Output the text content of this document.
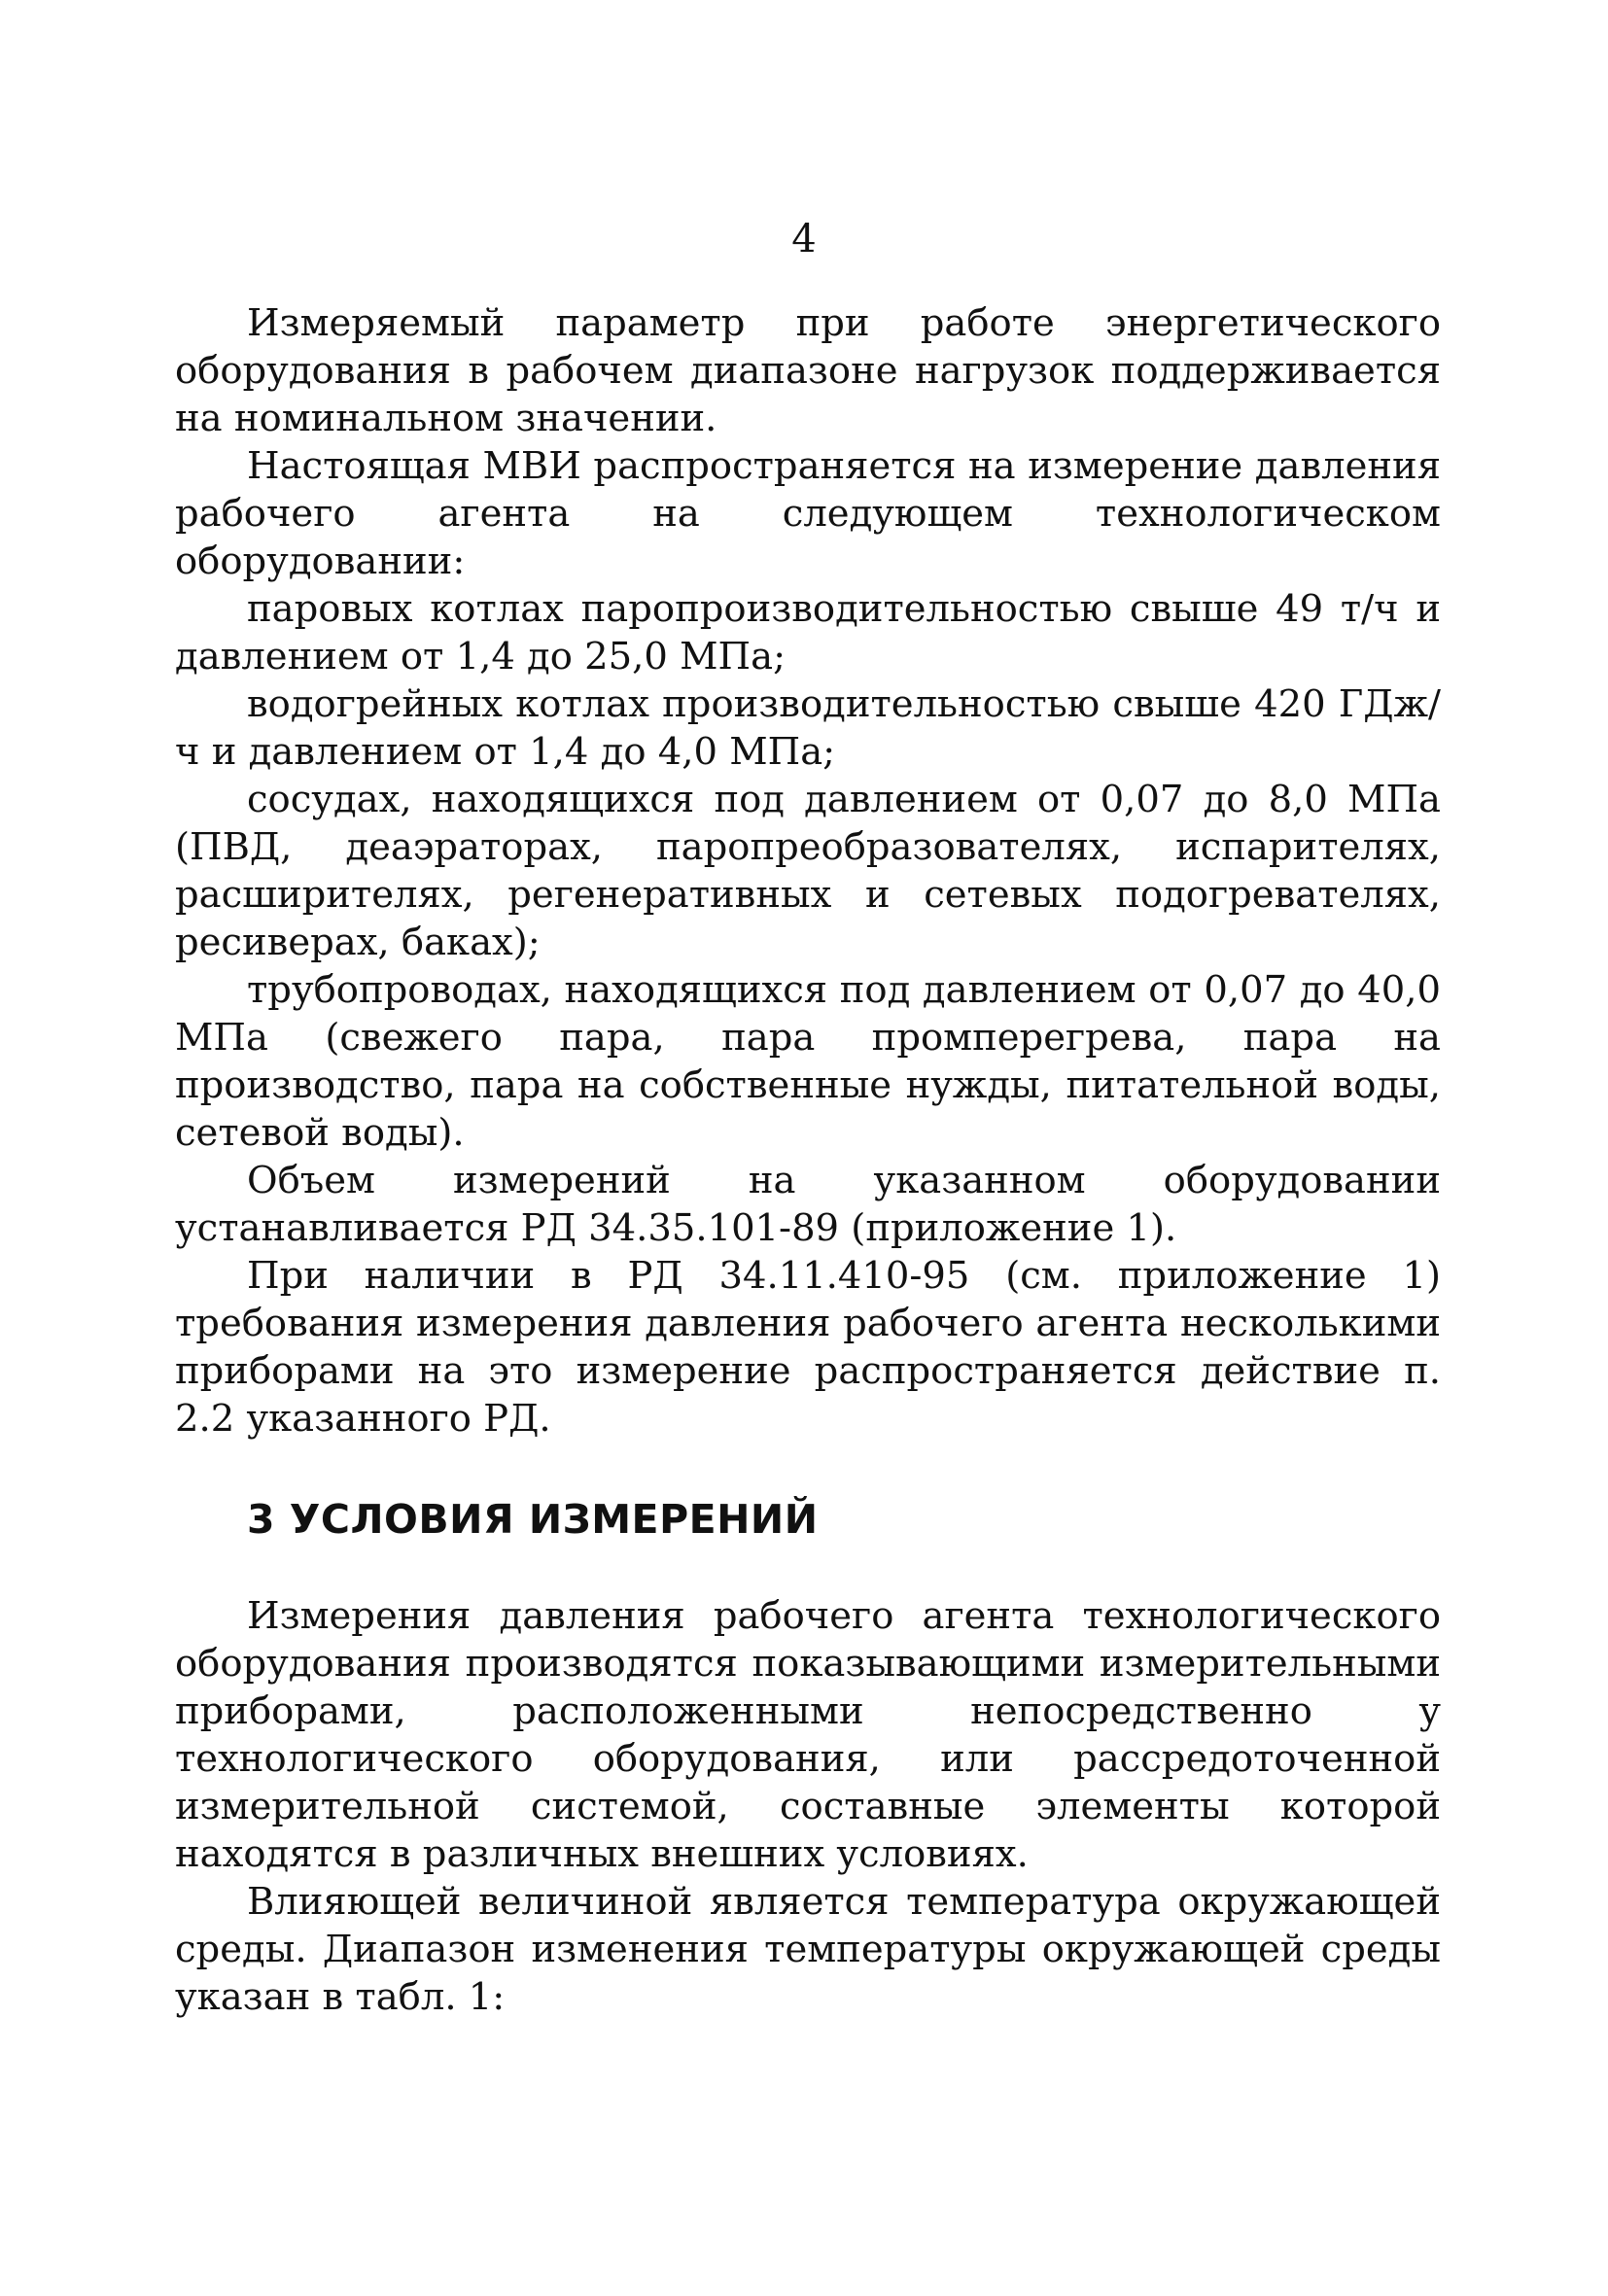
4

Измеряемый параметр при работе энергетического оборудования в рабочем диапазоне нагрузок поддерживается на номинальном значении.

Настоящая МВИ распространяется на измерение давления рабочего агента на следующем технологическом оборудовании:

паровых котлах паропроизводительностью свыше 49 т/ч и давлением от 1,4 до 25,0 МПа;

водогрейных котлах производительностью свыше 420 ГДж/ч и давлением от 1,4 до 4,0 МПа;

сосудах, находящихся под давлением от 0,07 до 8,0 МПа (ПВД, деаэраторах, паропреобразователях, испарителях, расширителях, регенеративных и сетевых подогревателях, ресиверах, баках);

трубопроводах, находящихся под давлением от 0,07 до 40,0 МПа (свежего пара, пара промперегрева, пара на производство, пара на собственные нужды, питательной воды, сетевой воды).

Объем измерений на указанном оборудовании устанавливается РД 34.35.101-89 (приложение 1).

При наличии в РД 34.11.410-95 (см. приложение 1) требования измерения давления рабочего агента несколькими приборами на это измерение распространяется действие п. 2.2 указанного РД.

3 УСЛОВИЯ ИЗМЕРЕНИЙ

Измерения давления рабочего агента технологического оборудования производятся показывающими измерительными приборами, расположенными непосредственно у технологического оборудования, или рассредоточенной измерительной системой, составные элементы которой находятся в различных внешних условиях.

Влияющей величиной является температура окружающей среды. Диапазон изменения температуры окружающей среды указан в табл. 1:
